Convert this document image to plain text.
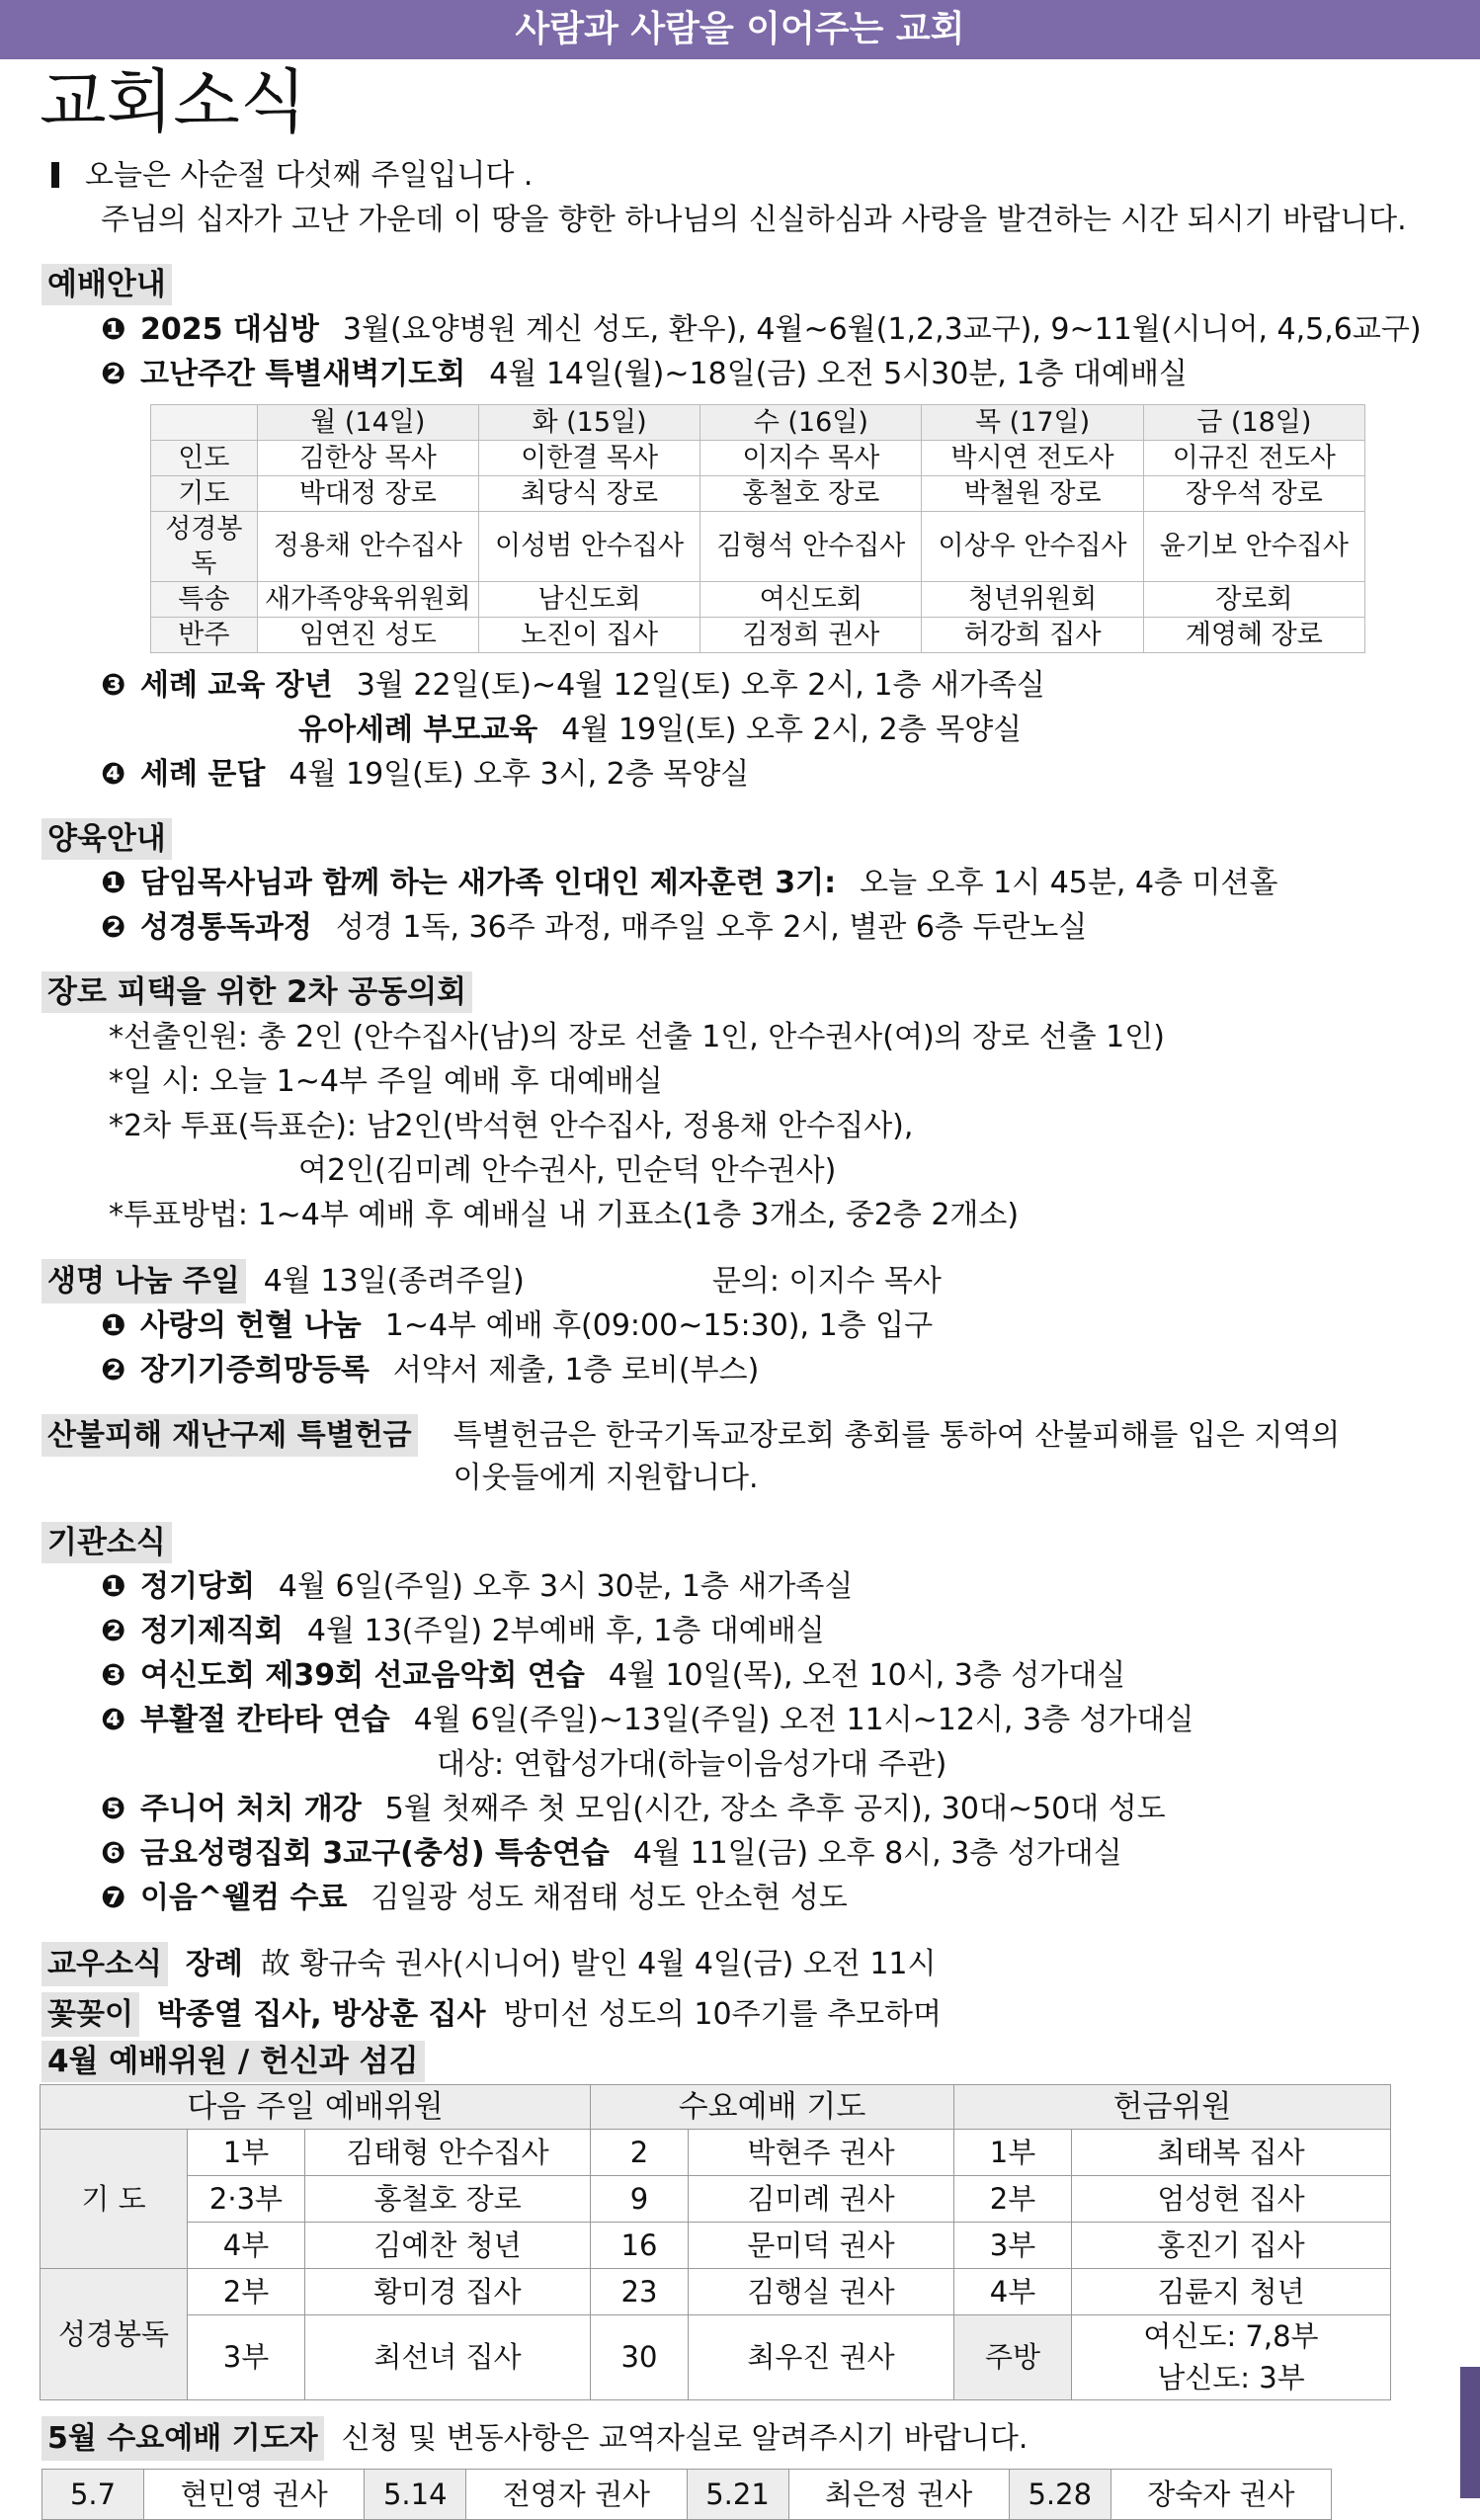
사람과 사람을 이어주는 교회
교회소식
오늘은 사순절 다섯째 주일입니다 .
주님의 십자가 고난 가운데 이 땅을 향한 하나님의 신실하심과 사랑을 발견하는 시간 되시기 바랍니다.
예배안내
❶ 2025 대심방 3월(요양병원 계신 성도, 환우), 4월~6월(1,2,3교구), 9~11월(시니어, 4,5,6교구)
❷ 고난주간 특별새벽기도회 4월 14일(월)~18일(금) 오전 5시30분, 1층 대예배실
	월 (14일)	화 (15일)	수 (16일)	목 (17일)	금 (18일)
인도	김한상 목사	이한결 목사	이지수 목사	박시연 전도사	이규진 전도사
기도	박대정 장로	최당식 장로	홍철호 장로	박철원 장로	장우석 장로
성경봉독	정용채 안수집사	이성범 안수집사	김형석 안수집사	이상우 안수집사	윤기보 안수집사
특송	새가족양육위원회	남신도회	여신도회	청년위원회	장로회
반주	임연진 성도	노진이 집사	김정희 권사	허강희 집사	계영혜 장로
❸ 세례 교육 장년 3월 22일(토)~4월 12일(토) 오후 2시, 1층 새가족실
유아세례 부모교육 4월 19일(토) 오후 2시, 2층 목양실
❹ 세례 문답 4월 19일(토) 오후 3시, 2층 목양실
양육안내
❶ 담임목사님과 함께 하는 새가족 인대인 제자훈련 3기: 오늘 오후 1시 45분, 4층 미션홀
❷ 성경통독과정 성경 1독, 36주 과정, 매주일 오후 2시, 별관 6층 두란노실
장로 피택을 위한 2차 공동의회
*선출인원: 총 2인 (안수집사(남)의 장로 선출 1인, 안수권사(여)의 장로 선출 1인)
*일 시: 오늘 1~4부 주일 예배 후 대예배실
*2차 투표(득표순): 남2인(박석현 안수집사, 정용채 안수집사),
여2인(김미례 안수권사, 민순덕 안수권사)
*투표방법: 1~4부 예배 후 예배실 내 기표소(1층 3개소, 중2층 2개소)
생명 나눔 주일 4월 13일(종려주일)	문의: 이지수 목사
❶ 사랑의 헌혈 나눔 1~4부 예배 후(09:00~15:30), 1층 입구
❷ 장기기증희망등록 서약서 제출, 1층 로비(부스)
산불피해 재난구제 특별헌금 특별헌금은 한국기독교장로회 총회를 통하여 산불피해를 입은 지역의 이웃들에게 지원합니다.
기관소식
❶ 정기당회 4월 6일(주일) 오후 3시 30분, 1층 새가족실
❷ 정기제직회 4월 13(주일) 2부예배 후, 1층 대예배실
❸ 여신도회 제39회 선교음악회 연습 4월 10일(목), 오전 10시, 3층 성가대실
❹ 부활절 칸타타 연습 4월 6일(주일)~13일(주일) 오전 11시~12시, 3층 성가대실
대상: 연합성가대(하늘이음성가대 주관)
❺ 주니어 처치 개강 5월 첫째주 첫 모임(시간, 장소 추후 공지), 30대~50대 성도
❻ 금요성령집회 3교구(충성) 특송연습 4월 11일(금) 오후 8시, 3층 성가대실
❼ 이음^웰컴 수료 김일광 성도 채점태 성도 안소현 성도
교우소식 장례 故 황규숙 권사(시니어) 발인 4월 4일(금) 오전 11시
꽃꽂이 박종열 집사, 방상훈 집사 방미선 성도의 10주기를 추모하며
4월 예배위원 / 헌신과 섬김
다음 주일 예배위원			수요예배 기도		헌금위원	
기 도	1부	김태형 안수집사	2	박현주 권사	1부	최태복 집사
	2·3부	홍철호 장로	9	김미례 권사	2부	엄성현 집사
	4부	김예찬 청년	16	문미덕 권사	3부	홍진기 집사
성경봉독	2부	황미경 집사	23	김행실 권사	4부	김륜지 청년
	3부	최선녀 집사	30	최우진 권사	주방	여신도: 7,8부
남신도: 3부
5월 수요예배 기도자 신청 및 변동사항은 교역자실로 알려주시기 바랍니다.
5.7	현민영 권사	5.14	전영자 권사	5.21	최은정 권사	5.28	장숙자 권사
